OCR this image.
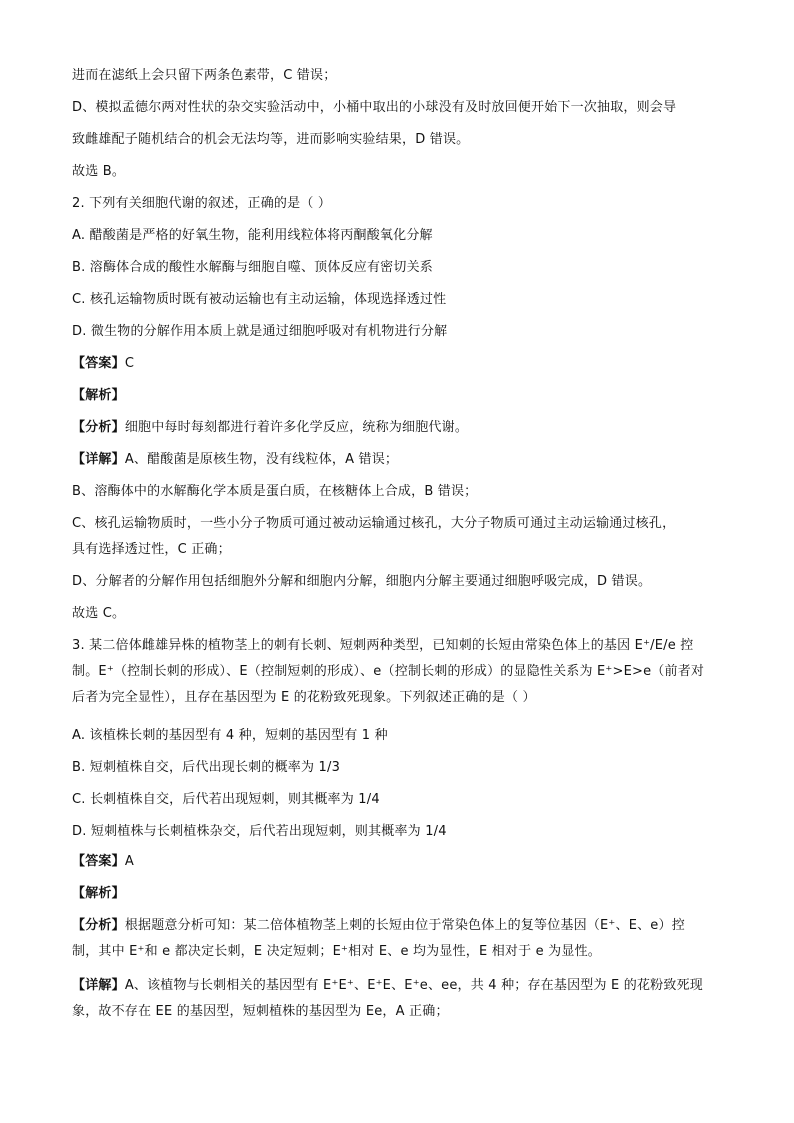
进而在滤纸上会只留下两条色素带，C 错误；
D、模拟孟德尔两对性状的杂交实验活动中，小桶中取出的小球没有及时放回便开始下一次抽取，则会导
致雌雄配子随机结合的机会无法均等，进而影响实验结果，D 错误。
故选 B。
2. 下列有关细胞代谢的叙述，正确的是（ ）
A. 醋酸菌是严格的好氧生物，能利用线粒体将丙酮酸氧化分解
B. 溶酶体合成的酸性水解酶与细胞自噬、顶体反应有密切关系
C. 核孔运输物质时既有被动运输也有主动运输，体现选择透过性
D. 微生物的分解作用本质上就是通过细胞呼吸对有机物进行分解
【答案】C
【解析】
【分析】细胞中每时每刻都进行着许多化学反应，统称为细胞代谢。
【详解】A、醋酸菌是原核生物，没有线粒体，A 错误；
B、溶酶体中的水解酶化学本质是蛋白质，在核糖体上合成，B 错误；
C、核孔运输物质时，一些小分子物质可通过被动运输通过核孔，大分子物质可通过主动运输通过核孔，
具有选择透过性，C 正确；
D、分解者的分解作用包括细胞外分解和细胞内分解，细胞内分解主要通过细胞呼吸完成，D 错误。
故选 C。
3. 某二倍体雌雄异株的植物茎上的刺有长刺、短刺两种类型，已知刺的长短由常染色体上的基因 E⁺/E/e 控
制。E⁺（控制长刺的形成）、E（控制短刺的形成）、e（控制长刺的形成）的显隐性关系为 E⁺>E>e（前者对
后者为完全显性），且存在基因型为 E 的花粉致死现象。下列叙述正确的是（ ）
A. 该植株长刺的基因型有 4 种，短刺的基因型有 1 种
B. 短刺植株自交，后代出现长刺的概率为 1/3
C. 长刺植株自交，后代若出现短刺，则其概率为 1/4
D. 短刺植株与长刺植株杂交，后代若出现短刺，则其概率为 1/4
【答案】A
【解析】
【分析】根据题意分析可知：某二倍体植物茎上刺的长短由位于常染色体上的复等位基因（E⁺、E、e）控
制，其中 E⁺和 e 都决定长刺，E 决定短刺；E⁺相对 E、e 均为显性，E 相对于 e 为显性。
【详解】A、该植物与长刺相关的基因型有 E⁺E⁺、E⁺E、E⁺e、ee，共 4 种；存在基因型为 E 的花粉致死现
象，故不存在 EE 的基因型，短刺植株的基因型为 Ee，A 正确；
